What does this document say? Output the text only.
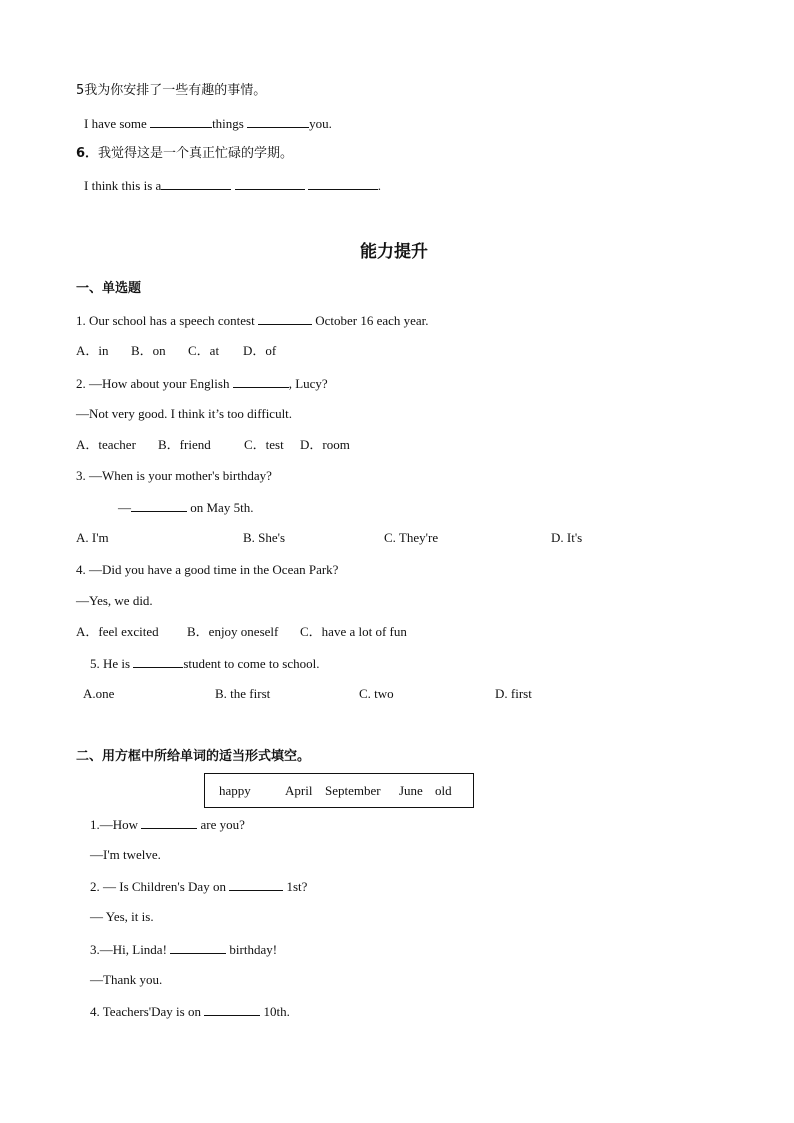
5我为你安排了一些有趣的事情。
I have some	things	you.
6．我觉得这是一个真正忙碌的学期。
I think this is a	.
能力提升
一、单选题
1. Our school has a speech contest	October 16 each year.
A．in B．on C．at D．of
2. —How about your English	, Lucy?
—Not very good. I think it’s too difficult.
A．teacher B．friend	C．test D．room
3. —When is your mother's birthday?
—	on May 5th.
A. I'm	B. She's	C. They're	D. It's
4. —Did you have a good time in the Ocean Park?
—Yes, we did.
A．feel excited B．enjoy oneself C．have a lot of fun
5. He is	student to come to school.
A.one	B. the first	C. two	D. first
二、用方框中所给单词的适当形式填空。
happy	April September June old
1.—How	are you?
—I'm twelve.
2. — Is Children's Day on	1st?
— Yes, it is.
3.—Hi, Linda!	birthday!
—Thank you.
4. Teachers'Day is on	10th.
